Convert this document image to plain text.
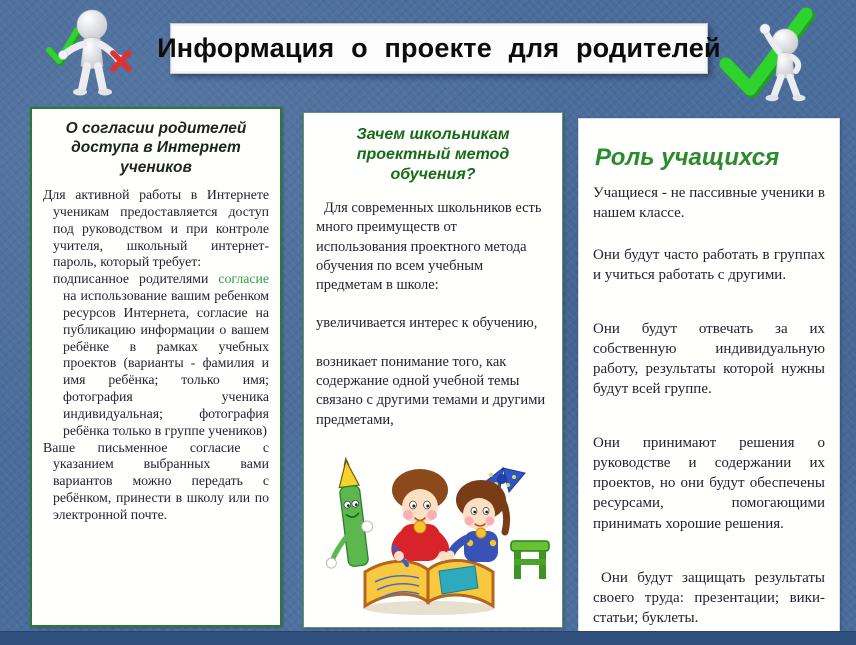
Информация о проекте для родителей
О согласии родителей доступа в Интернет учеников

Для активной работы в Интернете ученикам предоставляется доступ под руководством и при контроле учителя, школьный интернет-пароль, который требует:

подписанное родителями согласие на использование вашим ребенком ресурсов Интернета, согласие на публикацию информации о вашем ребёнке в рамках учебных проектов (варианты - фамилия и имя ребёнка; только имя; фотография ученика индивидуальная; фотография ребёнка только в группе учеников)

Ваше письменное согласие с указанием выбранных вами вариантов можно передать с ребёнком, принести в школу или по электронной почте.

Зачем школьникам проектный метод обучения?

Для современных школьников есть много преимуществ от использования проектного метода обучения по всем учебным предметам в школе:

увеличивается интерес к обучению,

возникает понимание того, как содержание одной учебной темы связано с другими темами и другими предметами,

Роль учащихся

Учащиеся - не пассивные ученики в нашем классе.

Они будут часто работать в группах и учиться работать с другими.

Они будут отвечать за их собственную индивидуальную работу, результаты которой нужны будут всей группе.

Они принимают решения о руководстве и содержании их проектов, но они будут обеспечены ресурсами, помогающими принимать хорошие решения.

Они будут защищать результаты своего труда: презентации; вики-статьи; буклеты.
